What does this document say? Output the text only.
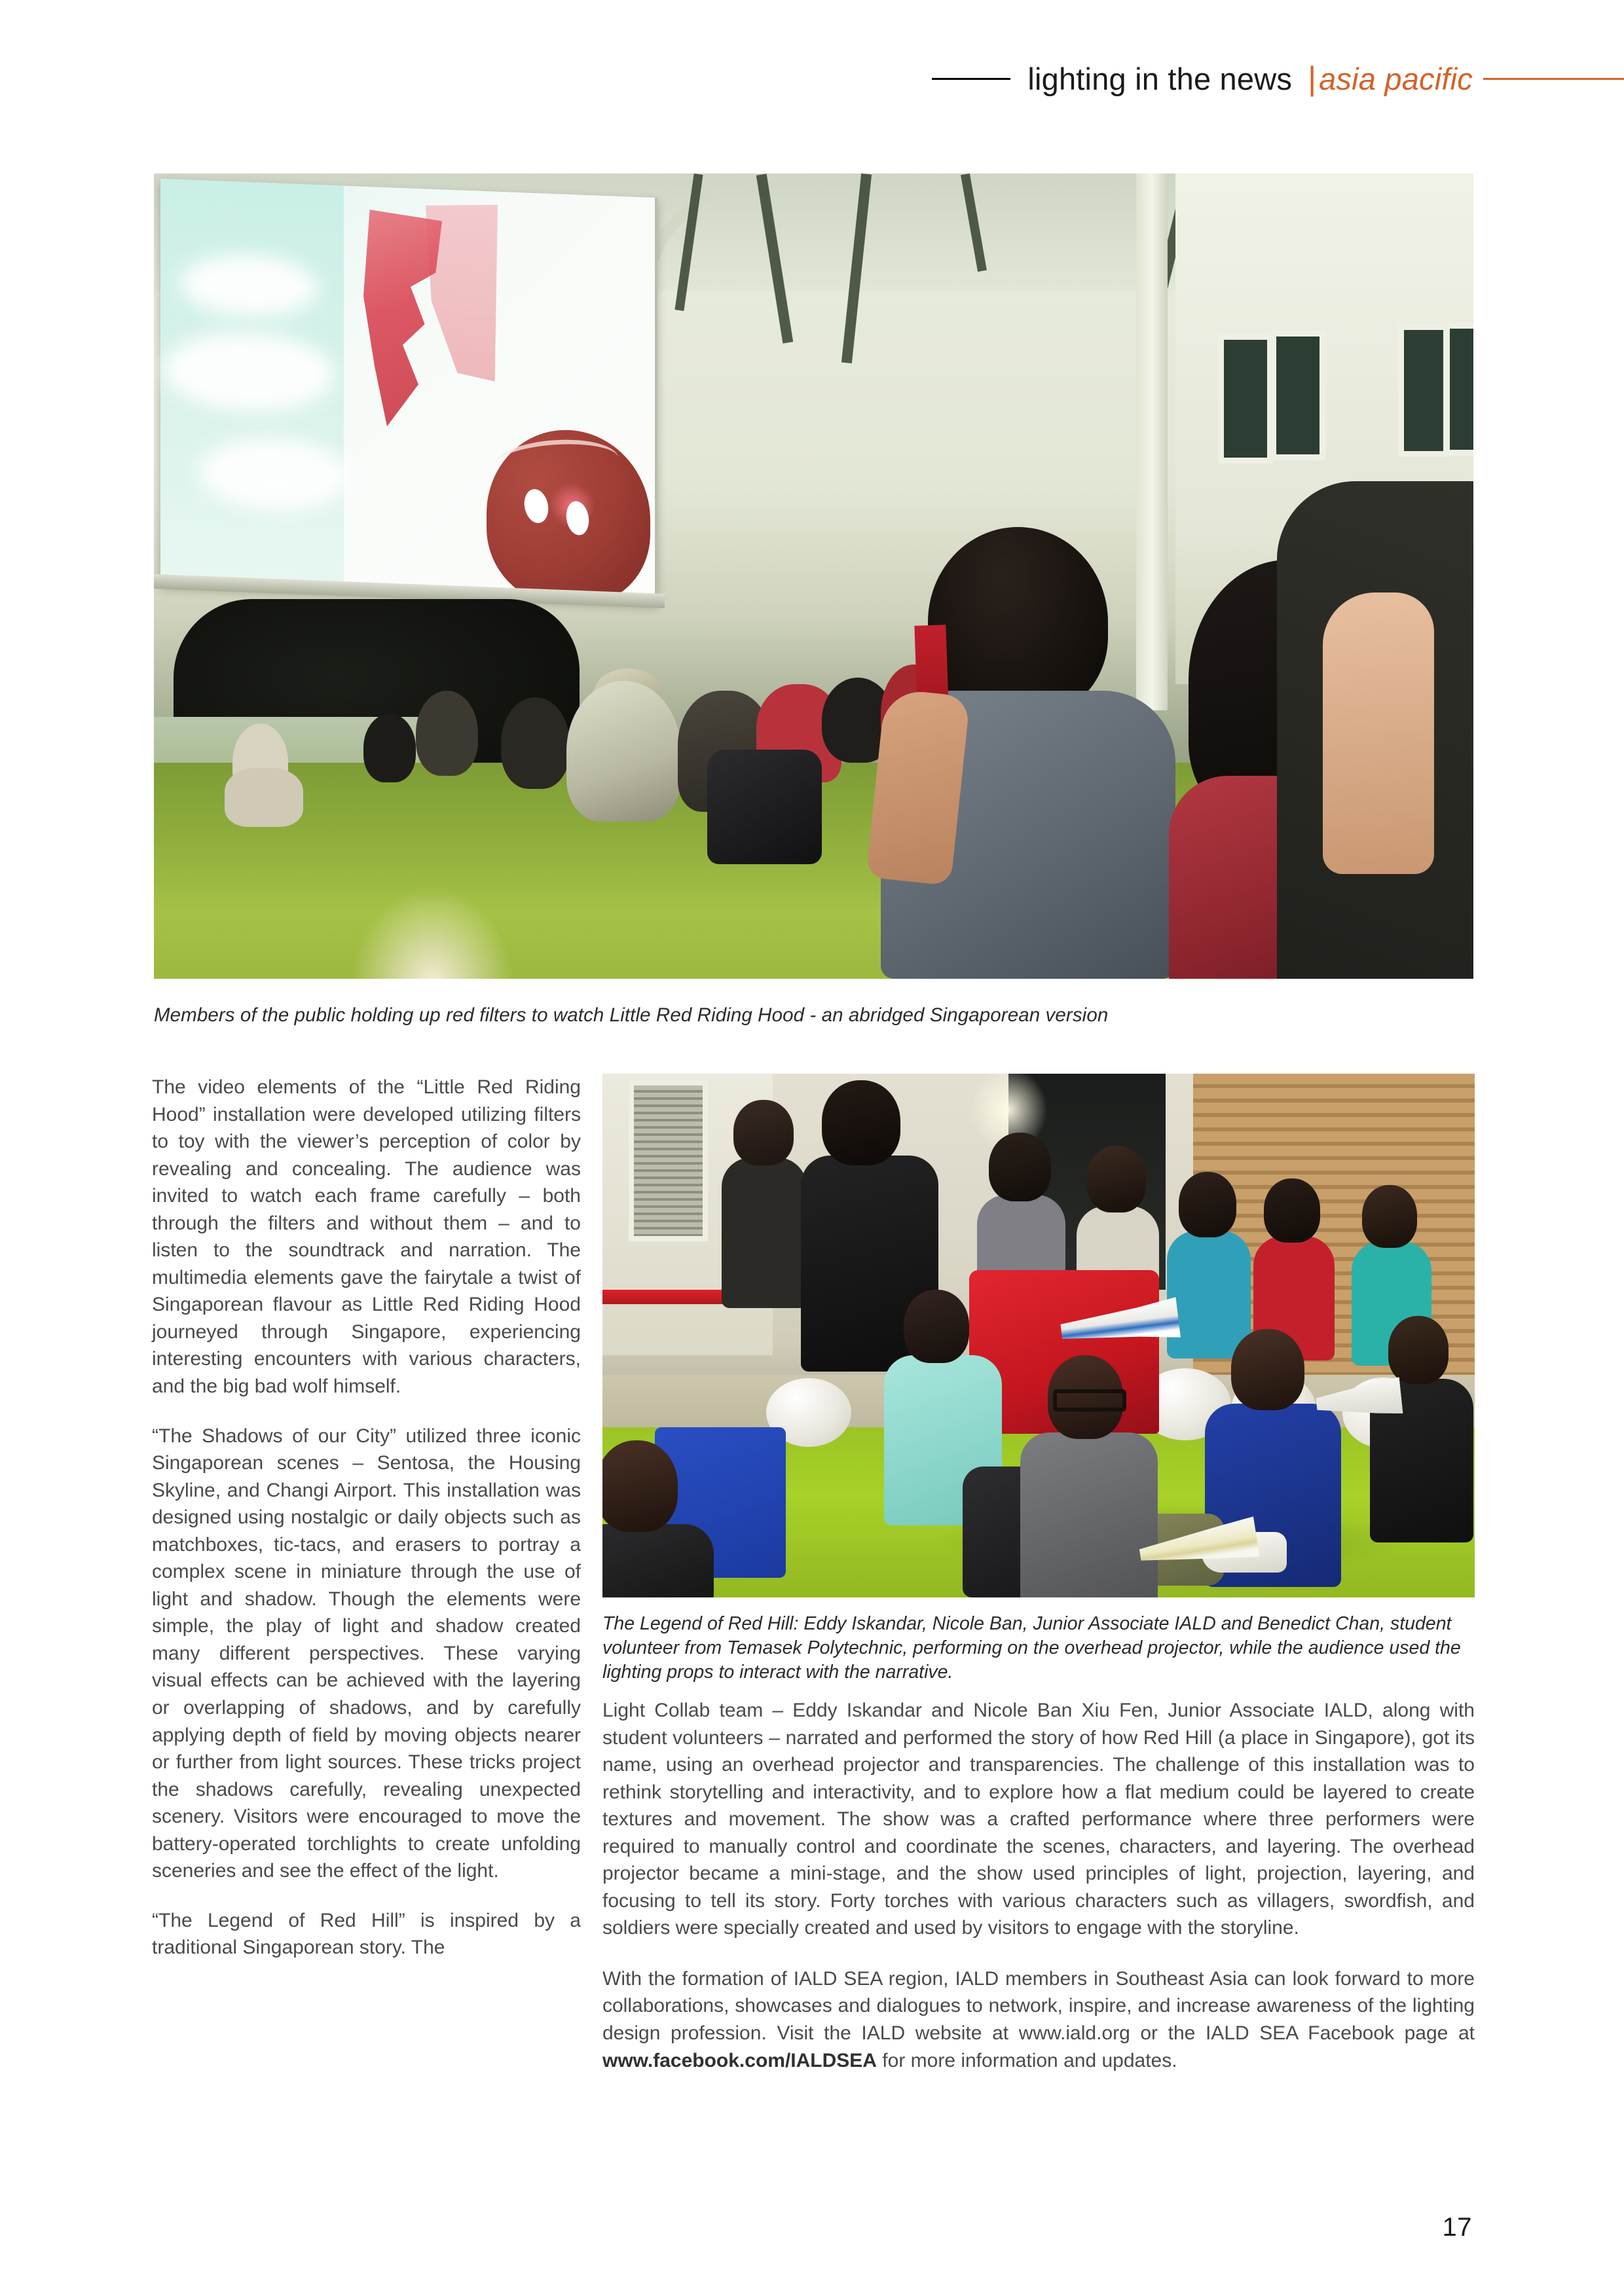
lighting in the news | asia pacific
Members of the public holding up red filters to watch Little Red Riding Hood - an abridged Singaporean version

The video elements of the “Little Red Riding Hood” installation were developed utilizing filters to toy with the viewer’s perception of color by revealing and concealing. The audience was invited to watch each frame carefully – both through the filters and without them – and to listen to the soundtrack and narration. The multimedia elements gave the fairytale a twist of Singaporean flavour as Little Red Riding Hood journeyed through Singapore, experiencing interesting encounters with various characters, and the big bad wolf himself.

“The Shadows of our City” utilized three iconic Singaporean scenes – Sentosa, the Housing Skyline, and Changi Airport. This installation was designed using nostalgic or daily objects such as matchboxes, tic-tacs, and erasers to portray a complex scene in miniature through the use of light and shadow. Though the elements were simple, the play of light and shadow created many different perspectives. These varying visual effects can be achieved with the layering or overlapping of shadows, and by carefully applying depth of field by moving objects nearer or further from light sources. These tricks project the shadows carefully, revealing unexpected scenery. Visitors were encouraged to move the battery-operated torchlights to create unfolding sceneries and see the effect of the light.

“The Legend of Red Hill” is inspired by a traditional Singaporean story. The

The Legend of Red Hill: Eddy Iskandar, Nicole Ban, Junior Associate IALD and Benedict Chan, student volunteer from Temasek Polytechnic, performing on the overhead projector, while the audience used the lighting props to interact with the narrative.

Light Collab team – Eddy Iskandar and Nicole Ban Xiu Fen, Junior Associate IALD, along with student volunteers – narrated and performed the story of how Red Hill (a place in Singapore), got its name, using an overhead projector and transparencies. The challenge of this installation was to rethink storytelling and interactivity, and to explore how a flat medium could be layered to create textures and movement. The show was a crafted performance where three performers were required to manually control and coordinate the scenes, characters, and layering. The overhead projector became a mini-stage, and the show used principles of light, projection, layering, and focusing to tell its story. Forty torches with various characters such as villagers, swordfish, and soldiers were specially created and used by visitors to engage with the storyline.

With the formation of IALD SEA region, IALD members in Southeast Asia can look forward to more collaborations, showcases and dialogues to network, inspire, and increase awareness of the lighting design profession. Visit the IALD website at www.iald.org or the IALD SEA Facebook page at www.facebook.com/IALDSEA for more information and updates.

17
